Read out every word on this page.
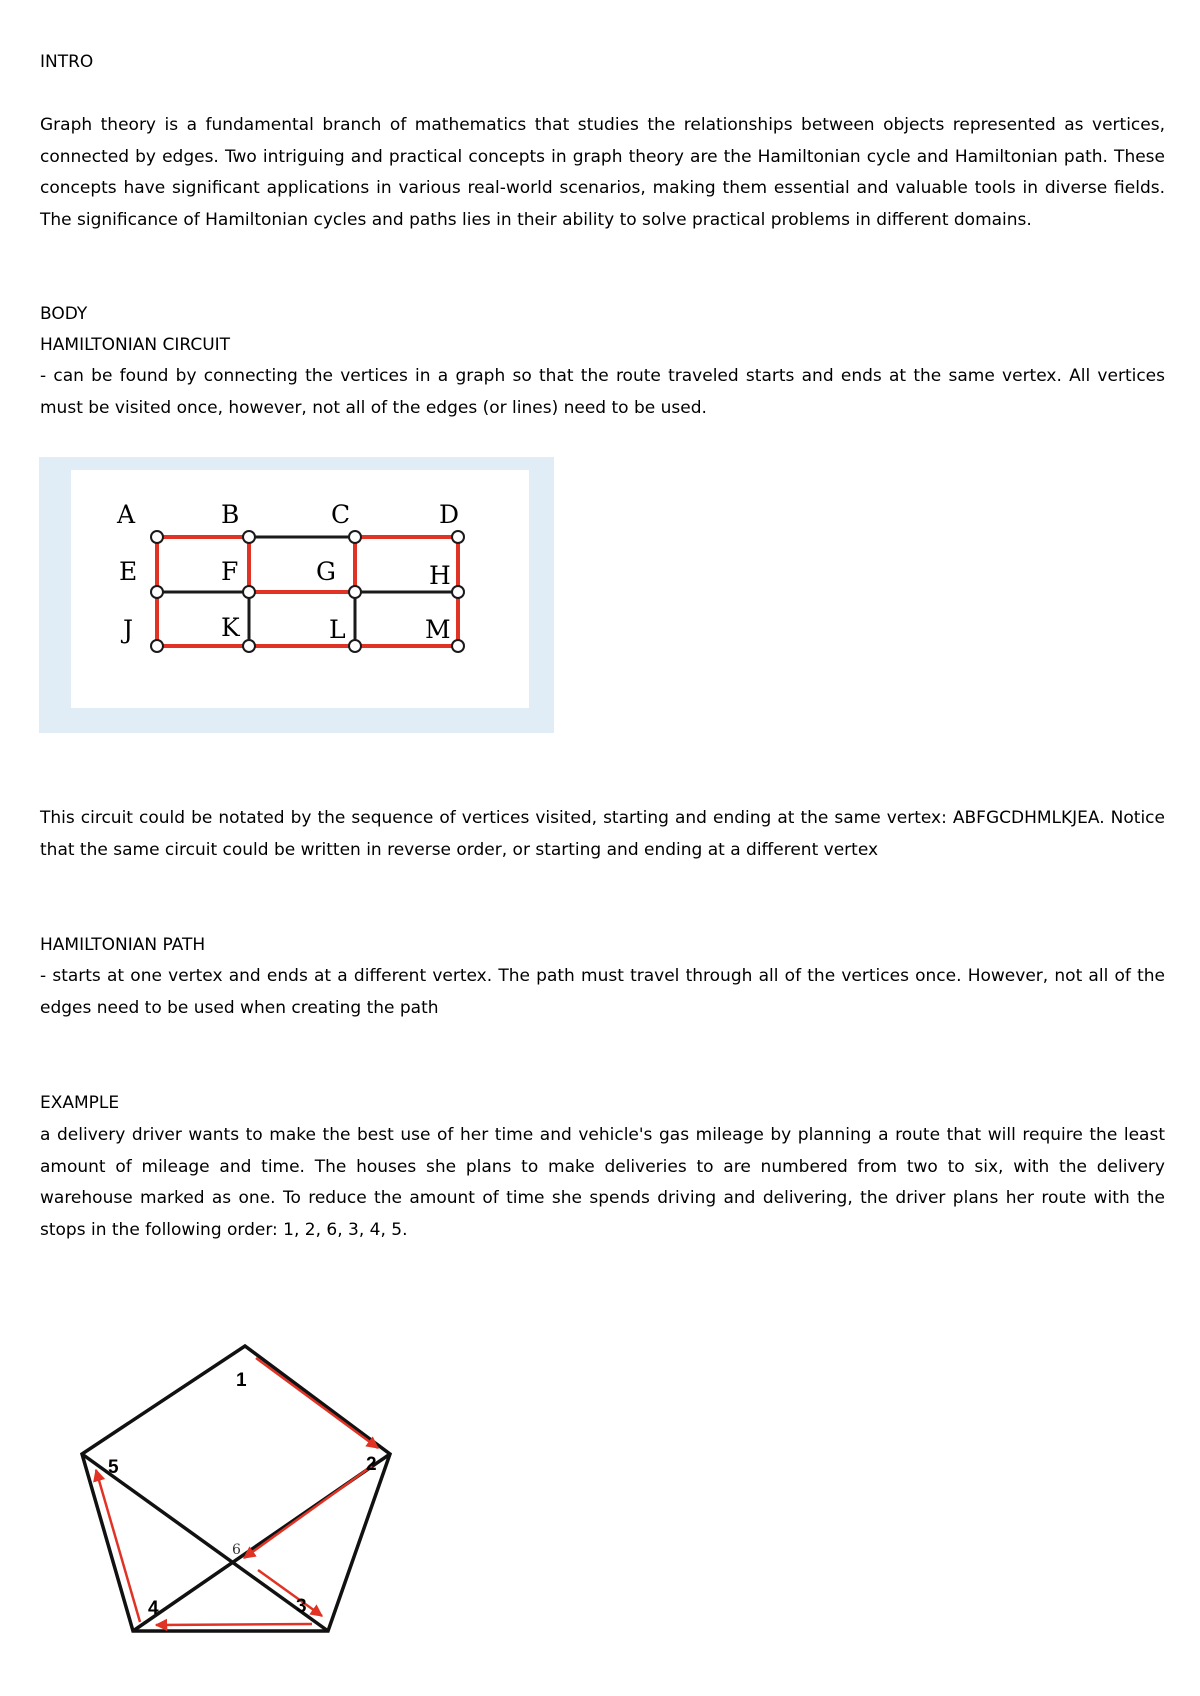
INTRO

Graph theory is a fundamental branch of mathematics that studies the relationships between objects represented as vertices, connected by edges. Two intriguing and practical concepts in graph theory are the Hamiltonian cycle and Hamiltonian path. These concepts have significant applications in various real-world scenarios, making them essential and valuable tools in diverse fields. The significance of Hamiltonian cycles and paths lies in their ability to solve practical problems in different domains.

BODY

HAMILTONIAN CIRCUIT

- can be found by connecting the vertices in a graph so that the route traveled starts and ends at the same vertex. All vertices must be visited once, however, not all of the edges (or lines) need to be used.

A	B	C	D
E	F	G	H
J	K	L	M

This circuit could be notated by the sequence of vertices visited, starting and ending at the same vertex: ABFGCDHMLKJEA. Notice that the same circuit could be written in reverse order, or starting and ending at a different vertex

HAMILTONIAN PATH

- starts at one vertex and ends at a different vertex. The path must travel through all of the vertices once. However, not all of the edges need to be used when creating the path

EXAMPLE

a delivery driver wants to make the best use of her time and vehicle's gas mileage by planning a route that will require the least amount of mileage and time. The houses she plans to make deliveries to are numbered from two to six, with the delivery warehouse marked as one. To reduce the amount of time she spends driving and delivering, the driver plans her route with the stops in the following order: 1, 2, 6, 3, 4, 5.

1
2
3
4
5
6
